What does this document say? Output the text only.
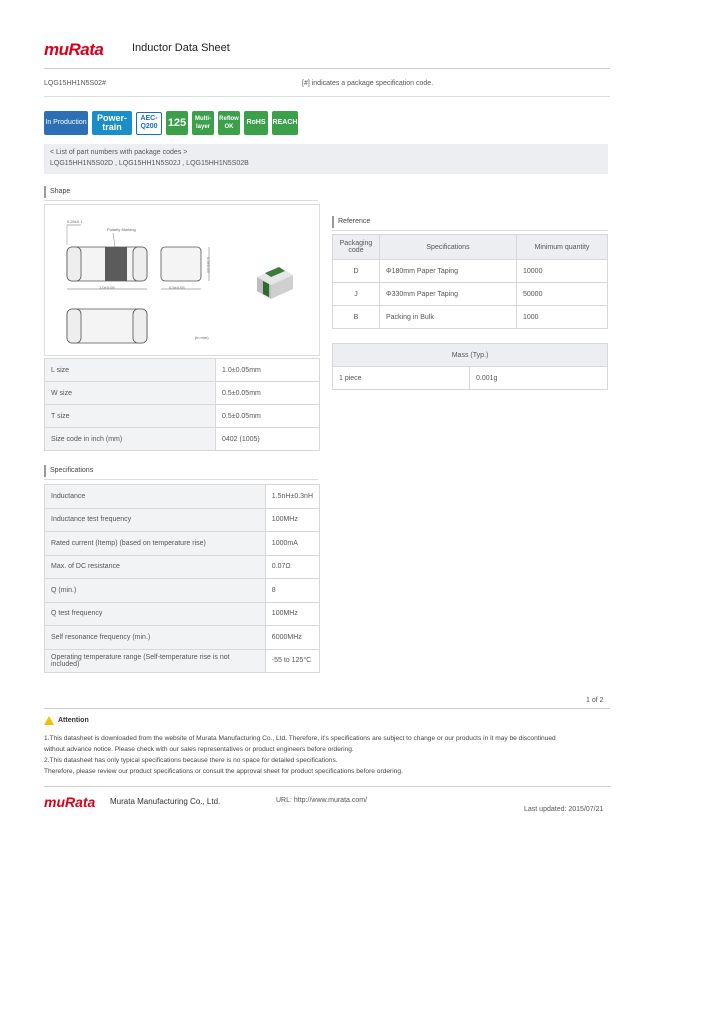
muRata	Inductor Data Sheet
LQG15HH1N5S02#	[#] indicates a package specification code.
In Production Power-
train
AEC-
Q200 125	Multi-
layer
Reflow
OK
RoHS	REACH
< List of part numbers with package codes >
LQG15HH1N5S02D , LQG15HH1N5S02J , LQG15HH1N5S02B
Shape
0.25±0.1
Polarity Marking
1.0±0.05	0.5±0.05
0.5±0.05
(in mm)
L size	1.0±0.05mm
W size	0.5±0.05mm
T size	0.5±0.05mm
Size code in inch (mm)	0402 (1005)
Specifications
Inductance	1.5nH±0.3nH
Inductance test frequency	100MHz
Rated current (Itemp) (based on temperature rise)	1000mA
Max. of DC resistance	0.07Ω
Q (min.)	8
Q test frequency	100MHz
Self resonance frequency (min.)	6000MHz
Operating temperature range (Self-temperature rise is not included)	-55 to 125°C
Reference
Packaging code	Specifications	Minimum quantity
D	Φ180mm Paper Taping	10000
J	Φ330mm Paper Taping	50000
B	Packing in Bulk	1000
Mass (Typ.)
1 piece	0.001g
1 of 2
Attention
1.This datasheet is downloaded from the website of Murata Manufacturing Co., Ltd. Therefore, it's specifications are subject to change or our products in it may be discontinued
without advance notice. Please check with our sales representatives or product engineers before ordering.
2.This datasheet has only typical specifications because there is no space for detailed specifications.
Therefore, please review our product specifications or consult the approval sheet for product specifications before ordering.
muRata Murata Manufacturing Co., Ltd.	URL: http://www.murata.com/
Last updated: 2015/07/21
